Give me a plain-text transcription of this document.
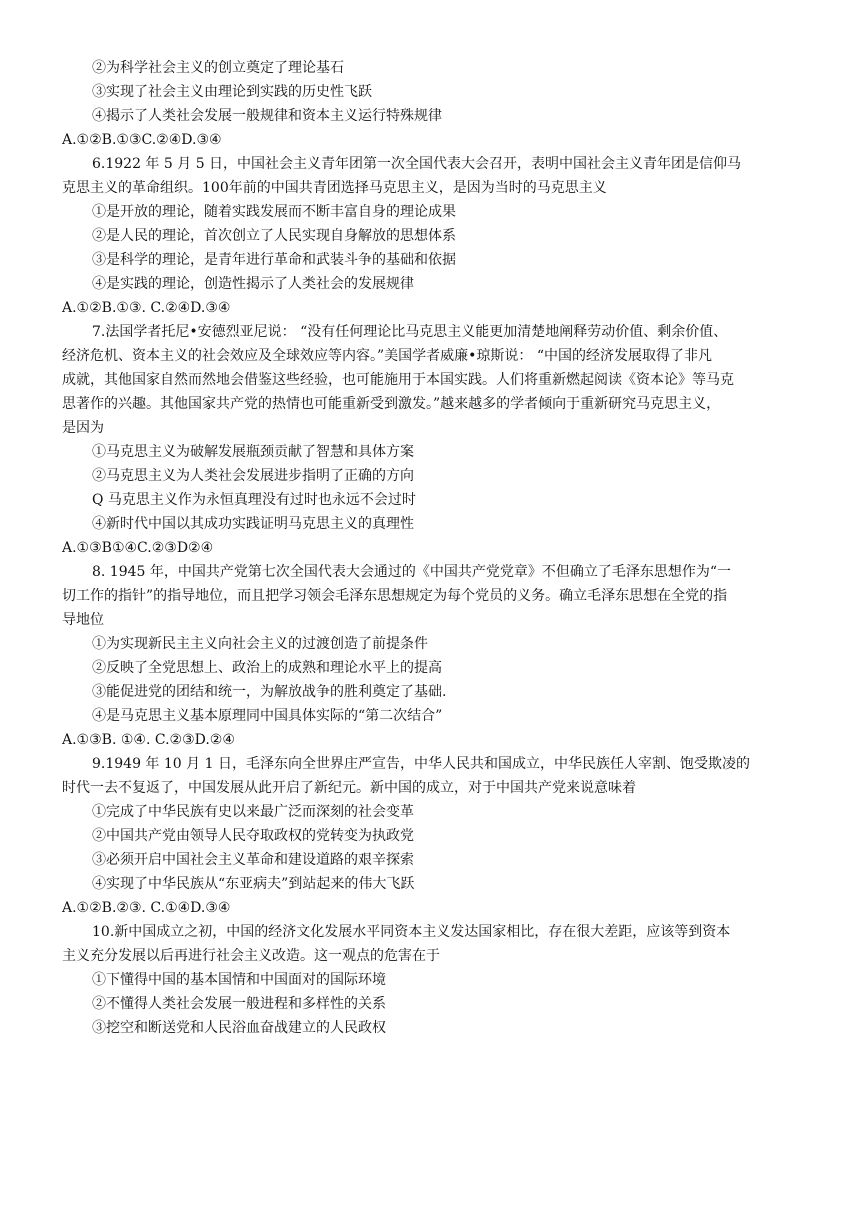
②为科学社会主义的创立奠定了理论基石
③实现了社会主义由理论到实践的历史性飞跃
④揭示了人类社会发展一般规律和资本主义运行特殊规律
A.①②B.①③C.②④D.③④
6.1922 年 5 月 5 日，中国社会主义青年团第一次全国代表大会召开，表明中国社会主义青年团是信仰马
克思主义的革命组织。100年前的中国共青团选择马克思主义，是因为当时的马克思主义
①是开放的理论，随着实践发展而不断丰富自身的理论成果
②是人民的理论，首次创立了人民实现自身解放的思想体系
③是科学的理论，是青年进行革命和武装斗争的基础和依据
④是实践的理论，创造性揭示了人类社会的发展规律
A.①②B.①③. C.②④D.③④
7.法国学者托尼•安德烈亚尼说： “没有任何理论比马克思主义能更加清楚地阐释劳动价值、剩余价值、
经济危机、资本主义的社会效应及全球效应等内容。”美国学者威廉•琼斯说： “中国的经济发展取得了非凡
成就，其他国家自然而然地会借鉴这些经验，也可能施用于本国实践。人们将重新燃起阅读《资本论》等马克
思著作的兴趣。其他国家共产党的热情也可能重新受到激发。”越来越多的学者倾向于重新研究马克思主义，
是因为
①马克思主义为破解发展瓶颈贡献了智慧和具体方案
②马克思主义为人类社会发展进步指明了正确的方向
Q 马克思主义作为永恒真理没有过时也永远不会过时
④新时代中国以其成功实践证明马克思主义的真理性
A.①③B①④C.②③D②④
8. 1945 年，中国共产党第七次全国代表大会通过的《中国共产党党章》不但确立了毛泽东思想作为“一
切工作的指针”的指导地位，而且把学习领会毛泽东思想规定为每个党员的义务。确立毛泽东思想在全党的指
导地位
①为实现新民主主义向社会主义的过渡创造了前提条件
②反映了全党思想上、政治上的成熟和理论水平上的提高
③能促进党的团结和统一，为解放战争的胜利奠定了基础.
④是马克思主义基本原理同中国具体实际的“第二次结合”
A.①③B. ①④. C.②③D.②④
9.1949 年 10 月 1 日，毛泽东向全世界庄严宣告，中华人民共和国成立，中华民族任人宰割、饱受欺凌的
时代一去不复返了，中国发展从此开启了新纪元。新中国的成立，对于中国共产党来说意味着
①完成了中华民族有史以来最广泛而深刻的社会变革
②中国共产党由领导人民夺取政权的党转变为执政党
③必须开启中国社会主义革命和建设道路的艰辛探索
④实现了中华民族从“东亚病夫”到站起来的伟大飞跃
A.①②B.②③. C.①④D.③④
10.新中国成立之初，中国的经济文化发展水平同资本主义发达国家相比，存在很大差距，应该等到资本
主义充分发展以后再进行社会主义改造。这一观点的危害在于
①下懂得中国的基本国情和中国面对的国际环境
②不懂得人类社会发展一般进程和多样性的关系
③挖空和断送党和人民浴血奋战建立的人民政权
